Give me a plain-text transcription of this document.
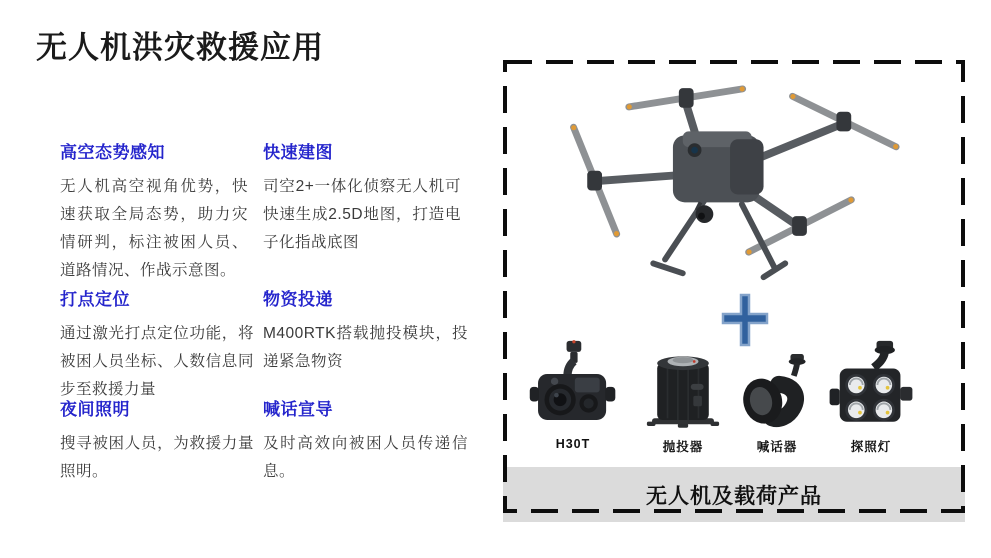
无人机洪灾救援应用
高空态势感知

无人机高空视角优势，快速获取全局态势，助力灾情研判，标注被困人员、道路情况、作战示意图。

快速建图

司空2+一体化侦察无人机可快速生成2.5D地图，打造电子化指战底图

打点定位

通过激光打点定位功能，将被困人员坐标、人数信息同步至救援力量

物资投递

M400RTK搭载抛投模块，投递紧急物资

夜间照明

搜寻被困人员，为救援力量照明。

喊话宣导

及时高效向被困人员传递信息。

H30T	抛投器	喊话器	探照灯
无人机及载荷产品
